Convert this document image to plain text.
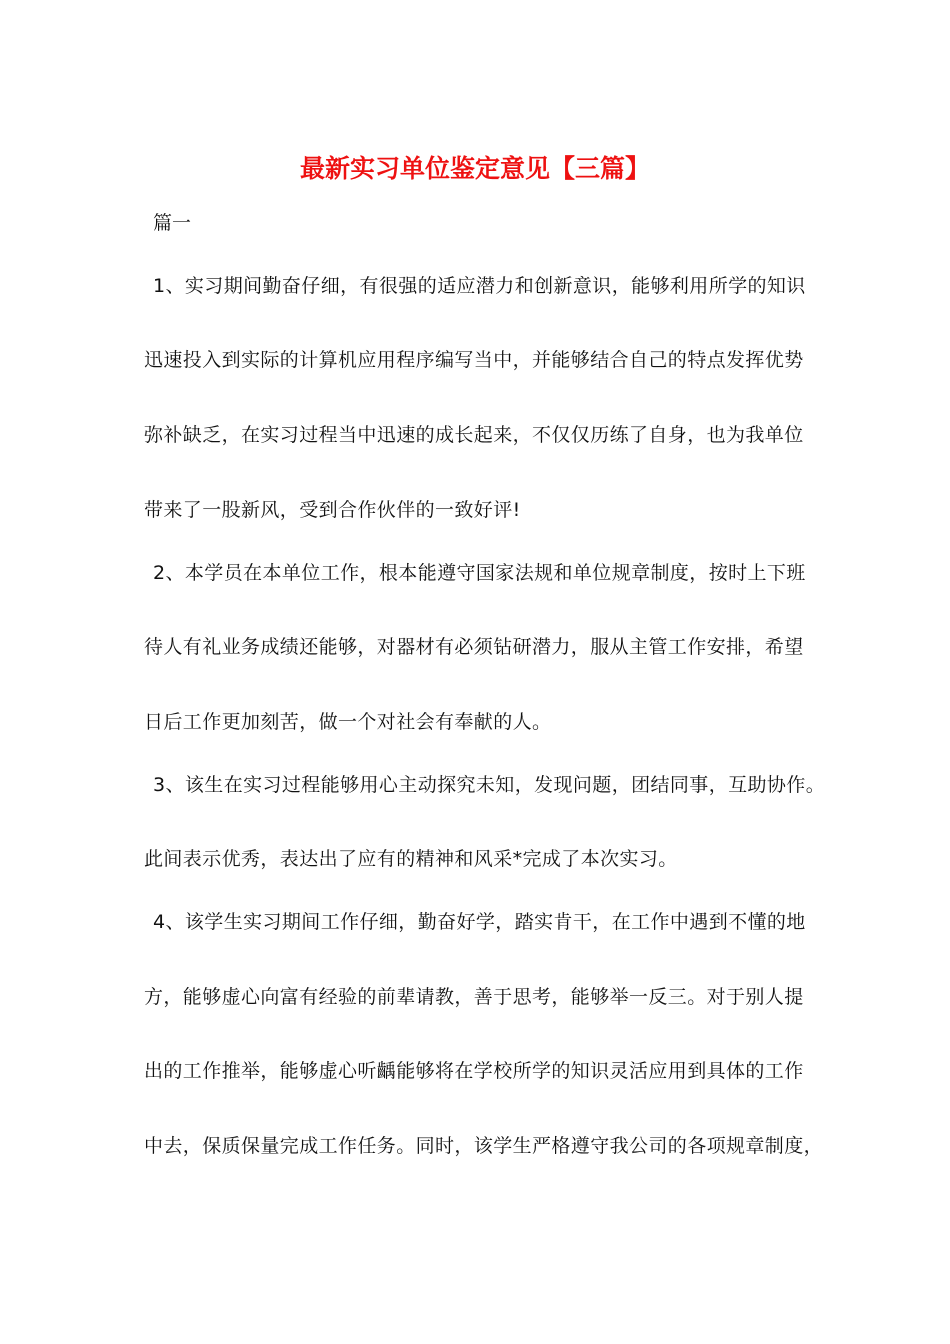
最新实习单位鉴定意见【三篇】
篇一

1、实习期间勤奋仔细，有很强的适应潜力和创新意识，能够利用所学的知识

迅速投入到实际的计算机应用程序编写当中，并能够结合自己的特点发挥优势

弥补缺乏，在实习过程当中迅速的成长起来，不仅仅历练了自身，也为我单位

带来了一股新风，受到合作伙伴的一致好评!

2、本学员在本单位工作，根本能遵守国家法规和单位规章制度，按时上下班

待人有礼业务成绩还能够，对器材有必须钻研潜力，服从主管工作安排，希望

日后工作更加刻苦，做一个对社会有奉献的人。

3、该生在实习过程能够用心主动探究未知，发现问题，团结同事，互助协作。

此间表示优秀，表达出了应有的精神和风采*完成了本次实习。

4、该学生实习期间工作仔细，勤奋好学，踏实肯干，在工作中遇到不懂的地

方，能够虚心向富有经验的前辈请教，善于思考，能够举一反三。对于别人提

出的工作推举，能够虚心听齲能够将在学校所学的知识灵活应用到具体的工作

中去，保质保量完成工作任务。同时，该学生严格遵守我公司的各项规章制度，
